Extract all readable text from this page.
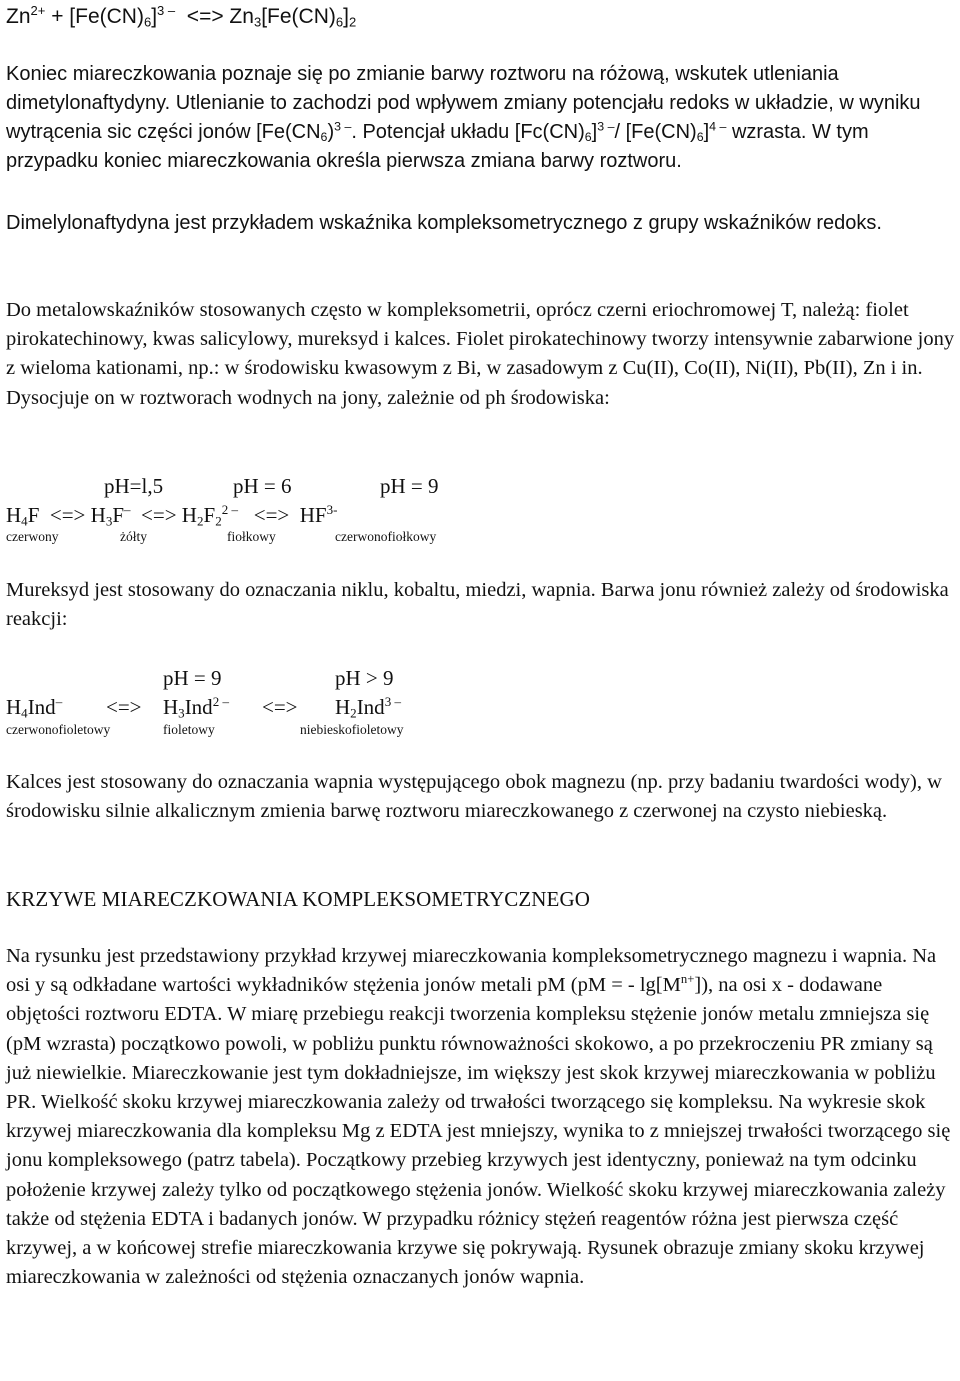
$Zn^{2+} + [Fe(CN)_6]^{3 -}$  <=> $Zn_3[Fe(CN)_6]_2$

Koniec miareczkowania poznaje się po zmianie barwy roztworu na różową, wskutek utleniania dimetylonaftydyny. Utlenianie to zachodzi pod wpływem zmiany potencjału redoks w układzie, w wyniku wytrącenia sic części jonów [$Fe(CN_6)^{3 -}$. Potencjał układu $[Fc(CN)_6]^{3 -}/$ $[Fe(CN)_6]^{4 -}$ wzrasta. W tym przypadku koniec miareczkowania określa pierwsza zmiana barwy roztworu.

Dimelylonaftydyna jest przykładem wskaźnika kompleksometrycznego z grupy wskaźników redoks.

Do metalowskaźników stosowanych często w kompleksometrii, oprócz czerni eriochromowej T, należą: fiolet pirokatechinowy, kwas salicylowy, mureksyd i kalces. Fiolet pirokatechinowy tworzy intensywnie zabarwione jony z wieloma kationami, np.: w środowisku kwasowym z Bi, w zasadowym z Cu(II), Co(II), Ni(II), Pb(II), Zn i in. Dysocjuje on w roztworach wodnych na jony, zależnie od ph środowiska:

pH=l,5	pH = 6	pH = 9
$H_4F$  <=> $H_3F^-$  <=> $H_2F_2^{2 -}$   <=>  $HF^{3-}$
czerwony	żółty	fiołkowy	czerwonofiołkowy

Mureksyd jest stosowany do oznaczania niklu, kobaltu, miedzi, wapnia. Barwa jonu również zależy od środowiska reakcji:

pH = 9	pH > 9
$H_4Ind^-$ <=> $H_3Ind^{2 -}$ <=> $H_2Ind^{3 -}$
czerwonofioletowy	fioletowy	niebieskofioletowy

Kalces jest stosowany do oznaczania wapnia występującego obok magnezu (np. przy badaniu twardości wody), w środowisku silnie alkalicznym zmienia barwę roztworu miareczkowanego z czerwonej na czysto niebieską.

KRZYWE MIARECZKOWANIA KOMPLEKSOMETRYCZNEGO

Na rysunku jest przedstawiony przykład krzywej miareczkowania kompleksometrycznego magnezu i wapnia. Na osi y są odkładane wartości wykładników stężenia jonów metali pM (pM = - $\lg[M^{n+}]$), na osi x - dodawane objętości roztworu EDTA. W miarę przebiegu reakcji tworzenia kompleksu stężenie jonów metalu zmniejsza się (pM wzrasta) początkowo powoli, w pobliżu punktu równoważności skokowo, a po przekroczeniu PR zmiany są już niewielkie. Miareczkowanie jest tym dokładniejsze, im większy jest skok krzywej miareczkowania w pobliżu PR. Wielkość skoku krzywej miareczkowania zależy od trwałości tworzącego się kompleksu. Na wykresie skok krzywej miareczkowania dla kompleksu Mg z EDTA jest mniejszy, wynika to z mniejszej trwałości tworzącego się jonu kompleksowego (patrz tabela). Początkowy przebieg krzywych jest identyczny, ponieważ na tym odcinku położenie krzywej zależy tylko od początkowego stężenia jonów. Wielkość skoku krzywej miareczkowania zależy także od stężenia EDTA i badanych jonów. W przypadku różnicy stężeń reagentów różna jest pierwsza część krzywej, a w końcowej strefie miareczkowania krzywe się pokrywają. Rysunek obrazuje zmiany skoku krzywej miareczkowania w zależności od stężenia oznaczanych jonów wapnia.
